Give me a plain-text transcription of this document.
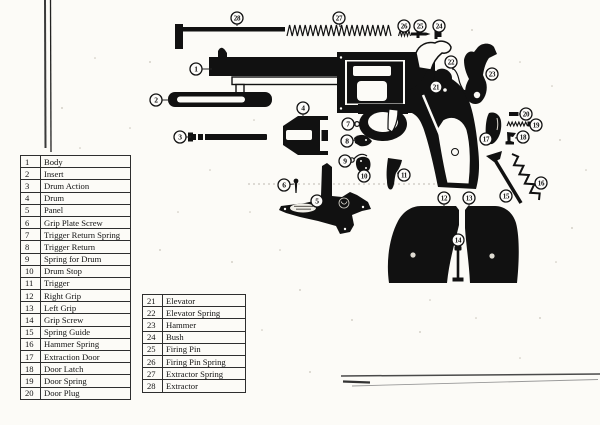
1
2
3
4
5
6
7
8
9
10	11
12	13
14
15
16
17	18
19
20
21
22
23
24
25
26
27
28
1	Body
2	Insert
3	Drum Action
4	Drum
5	Panel
6	Grip Plate Screw
7	Trigger Return Spring
8	Trigger Return
9	Spring for Drum
10	Drum Stop
11	Trigger
12	Right Grip
13	Left Grip
14	Grip Screw
15	Spring Guide
16	Hammer Spring
17	Extraction Door
18	Door Latch
19	Door Spring
20	Door Plug
21	Elevator
22	Elevator Spring
23	Hammer
24	Bush
25	Firing Pin
26	Firing Pin Spring
27	Extractor Spring
28	Extractor
